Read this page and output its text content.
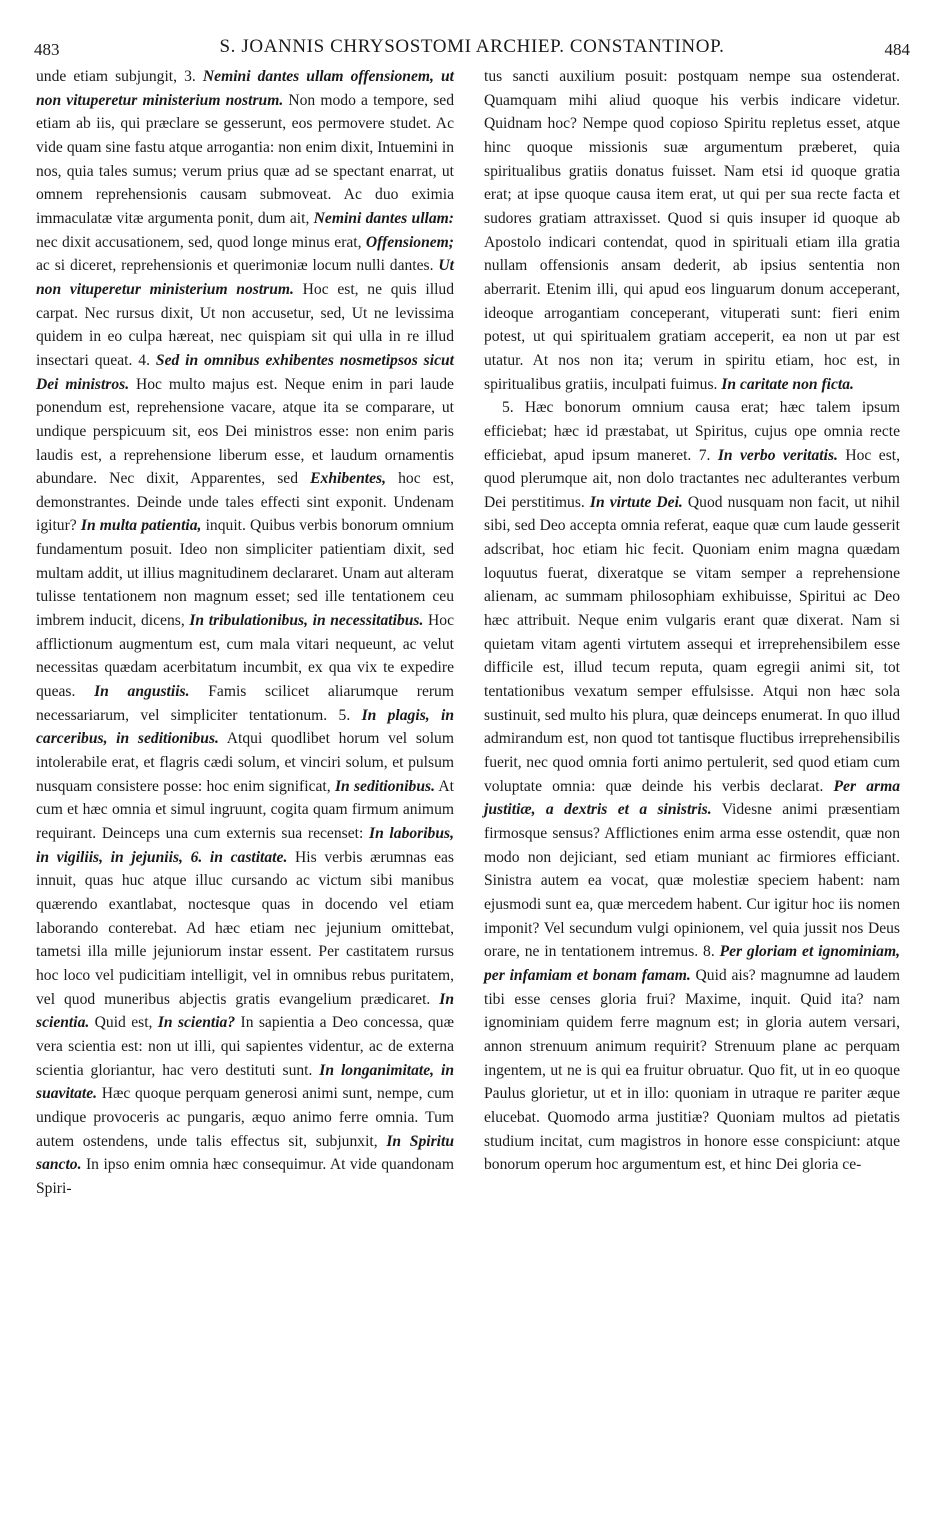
483	S. JOANNIS CHRYSOSTOMI ARCHIEP. CONSTANTINOP.	484

unde etiam subjungit, 3. Nemini dantes ullam offensionem, ut non vituperetur ministerium nostrum. Non modo a tempore, sed etiam ab iis, qui præclare se gesserunt, eos permovere studet. Ac vide quam sine fastu atque arrogantia: non enim dixit, Intuemini in nos, quia tales sumus; verum prius quæ ad se spectant enarrat, ut omnem reprehensionis causam submoveat. Ac duo eximia immaculatæ vitæ argumenta ponit, dum ait, Nemini dantes ullam: nec dixit accusationem, sed, quod longe minus erat, Offensionem; ac si diceret, reprehensionis et querimoniæ locum nulli dantes. Ut non vituperetur ministerium nostrum. Hoc est, ne quis illud carpat. Nec rursus dixit, Ut non accusetur, sed, Ut ne levissima quidem in eo culpa hæreat, nec quispiam sit qui ulla in re illud insectari queat. 4. Sed in omnibus exhibentes nosmetipsos sicut Dei ministros. Hoc multo majus est. Neque enim in pari laude ponendum est, reprehensione vacare, atque ita se comparare, ut undique perspicuum sit, eos Dei ministros esse: non enim paris laudis est, a reprehensione liberum esse, et laudum ornamentis abundare. Nec dixit, Apparentes, sed Exhibentes, hoc est, demonstrantes. Deinde unde tales effecti sint exponit. Undenam igitur? In multa patientia, inquit. Quibus verbis bonorum omnium fundamentum posuit. Ideo non simpliciter patientiam dixit, sed multam addit, ut illius magnitudinem declararet. Unam aut alteram tulisse tentationem non magnum esset; sed ille tentationem ceu imbrem inducit, dicens, In tribulationibus, in necessitatibus. Hoc afflictionum augmentum est, cum mala vitari nequeunt, ac velut necessitas quædam acerbitatum incumbit, ex qua vix te expedire queas. In angustiis. Famis scilicet aliarumque rerum necessariarum, vel simpliciter tentationum. 5. In plagis, in carceribus, in seditionibus. Atqui quodlibet horum vel solum intolerabile erat, et flagris cædi solum, et vinciri solum, et pulsum nusquam consistere posse: hoc enim significat, In seditionibus. At cum et hæc omnia et simul ingruunt, cogita quam firmum animum requirant. Deinceps una cum externis sua recenset: In laboribus, in vigiliis, in jejuniis, 6. in castitate. His verbis ærumnas eas innuit, quas huc atque illuc cursando ac victum sibi manibus quærendo exantlabat, noctesque quas in docendo vel etiam laborando conterebat. Ad hæc etiam nec jejunium omittebat, tametsi illa mille jejuniorum instar essent. Per castitatem rursus hoc loco vel pudicitiam intelligit, vel in omnibus rebus puritatem, vel quod muneribus abjectis gratis evangelium prædicaret. In scientia. Quid est, In scientia? In sapientia a Deo concessa, quæ vera scientia est: non ut illi, qui sapientes videntur, ac de externa scientia gloriantur, hac vero destituti sunt. In longanimitate, in suavitate. Hæc quoque perquam generosi animi sunt, nempe, cum undique provoceris ac pungaris, æquo animo ferre omnia. Tum autem ostendens, unde talis effectus sit, subjunxit, In Spiritu sancto. In ipso enim omnia hæc consequimur. At vide quandonam Spiri-

tus sancti auxilium posuit: postquam nempe sua ostenderat. Quamquam mihi aliud quoque his verbis indicare videtur. Quidnam hoc? Nempe quod copioso Spiritu repletus esset, atque hinc quoque missionis suæ argumentum præberet, quia spiritualibus gratiis donatus fuisset. Nam etsi id quoque gratia erat; at ipse quoque causa item erat, ut qui per sua recte facta et sudores gratiam attraxisset. Quod si quis insuper id quoque ab Apostolo indicari contendat, quod in spirituali etiam illa gratia nullam offensionis ansam dederit, ab ipsius sententia non aberrarit. Etenim illi, qui apud eos linguarum donum acceperant, ideoque arrogantiam conceperant, vituperati sunt: fieri enim potest, ut qui spiritualem gratiam acceperit, ea non ut par est utatur. At nos non ita; verum in spiritu etiam, hoc est, in spiritualibus gratiis, inculpati fuimus. In caritate non ficta.

5. Hæc bonorum omnium causa erat; hæc talem ipsum efficiebat; hæc id præstabat, ut Spiritus, cujus ope omnia recte efficiebat, apud ipsum maneret. 7. In verbo veritatis. Hoc est, quod plerumque ait, non dolo tractantes nec adulterantes verbum Dei perstitimus. In virtute Dei. Quod nusquam non facit, ut nihil sibi, sed Deo accepta omnia referat, eaque quæ cum laude gesserit adscribat, hoc etiam hic fecit. Quoniam enim magna quædam loquutus fuerat, dixeratque se vitam semper a reprehensione alienam, ac summam philosophiam exhibuisse, Spiritui ac Deo hæc attribuit. Neque enim vulgaris erant quæ dixerat. Nam si quietam vitam agenti virtutem assequi et irreprehensibilem esse difficile est, illud tecum reputa, quam egregii animi sit, tot tentationibus vexatum semper effulsisse. Atqui non hæc sola sustinuit, sed multo his plura, quæ deinceps enumerat. In quo illud admirandum est, non quod tot tantisque fluctibus irreprehensibilis fuerit, nec quod omnia forti animo pertulerit, sed quod etiam cum voluptate omnia: quæ deinde his verbis declarat. Per arma justitiæ, a dextris et a sinistris. Videsne animi præsentiam firmosque sensus? Afflictiones enim arma esse ostendit, quæ non modo non dejiciant, sed etiam muniant ac firmiores efficiant. Sinistra autem ea vocat, quæ molestiæ speciem habent: nam ejusmodi sunt ea, quæ mercedem habent. Cur igitur hoc iis nomen imponit? Vel secundum vulgi opinionem, vel quia jussit nos Deus orare, ne in tentationem intremus. 8. Per gloriam et ignominiam, per infamiam et bonam famam. Quid ais? magnumne ad laudem tibi esse censes gloria frui? Maxime, inquit. Quid ita? nam ignominiam quidem ferre magnum est; in gloria autem versari, annon strenuum animum requirit? Strenuum plane ac perquam ingentem, ut ne is qui ea fruitur obruatur. Quo fit, ut in eo quoque Paulus glorietur, ut et in illo: quoniam in utraque re pariter æque elucebat. Quomodo arma justitiæ? Quoniam multos ad pietatis studium incitat, cum magistros in honore esse conspiciunt: atque bonorum operum hoc argumentum est, et hinc Dei gloria ce-
